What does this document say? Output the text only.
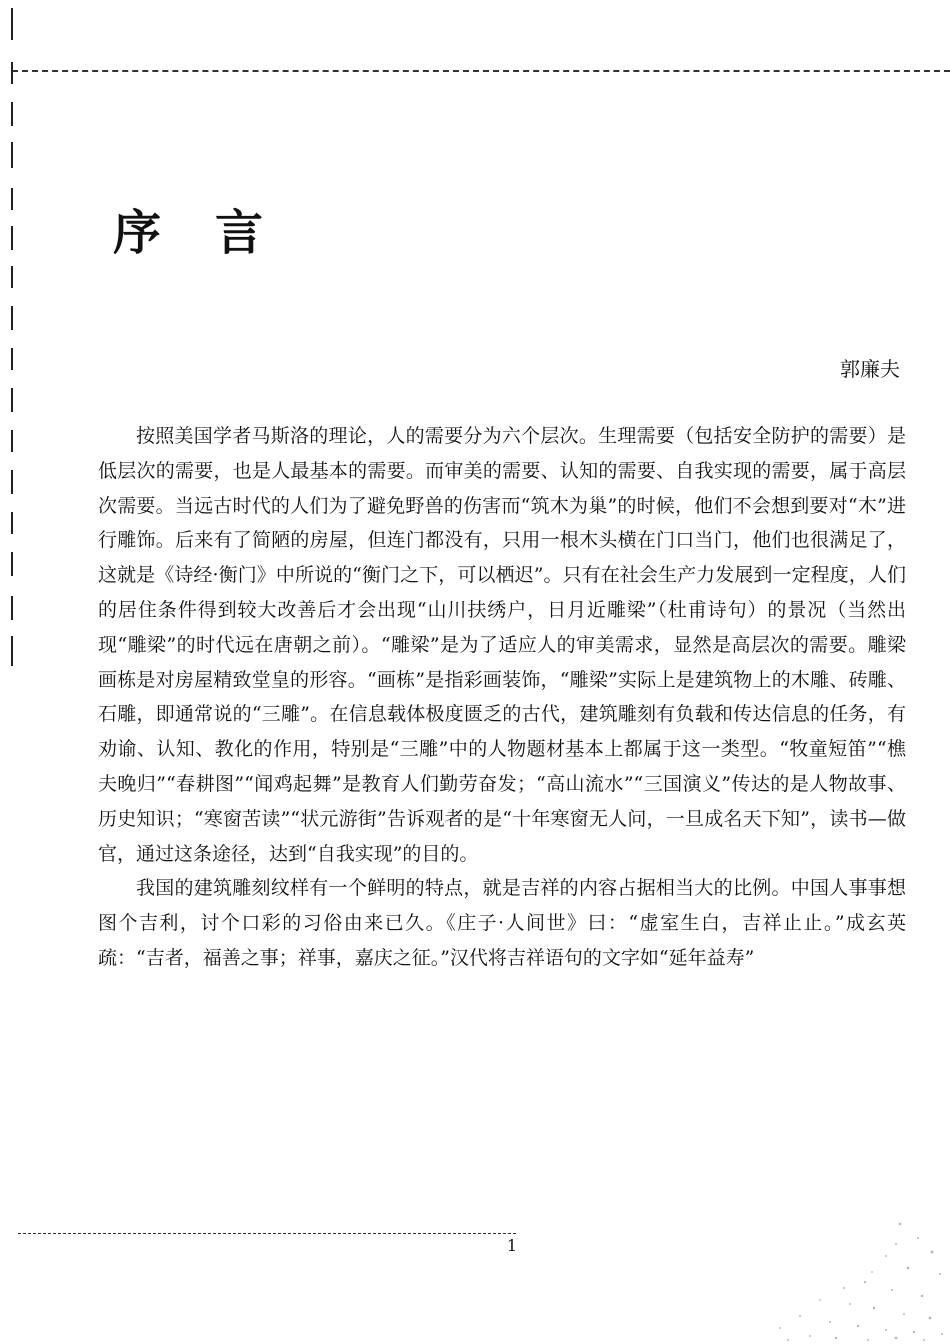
序言
郭廉夫

按照美国学者马斯洛的理论，人的需要分为六个层次。生理需要（包括安全防护的需要）是低层次的需要，也是人最基本的需要。而审美的需要、认知的需要、自我实现的需要，属于高层次需要。当远古时代的人们为了避免野兽的伤害而“筑木为巢”的时候，他们不会想到要对“木”进行雕饰。后来有了简陋的房屋，但连门都没有，只用一根木头横在门口当门，他们也很满足了，这就是《诗经·衡门》中所说的“衡门之下，可以栖迟”。只有在社会生产力发展到一定程度，人们的居住条件得到较大改善后才会出现“山川扶绣户，日月近雕梁”（杜甫诗句）的景况（当然出现“雕梁”的时代远在唐朝之前）。“雕梁”是为了适应人的审美需求，显然是高层次的需要。雕梁画栋是对房屋精致堂皇的形容。“画栋”是指彩画装饰，“雕梁”实际上是建筑物上的木雕、砖雕、石雕，即通常说的“三雕”。在信息载体极度匮乏的古代，建筑雕刻有负载和传达信息的任务，有劝谕、认知、教化的作用，特别是“三雕”中的人物题材基本上都属于这一类型。“牧童短笛”“樵夫晚归”“春耕图”“闻鸡起舞”是教育人们勤劳奋发；“高山流水”“三国演义”传达的是人物故事、历史知识；“寒窗苦读”“状元游街”告诉观者的是“十年寒窗无人问，一旦成名天下知”，读书—做官，通过这条途径，达到“自我实现”的目的。

我国的建筑雕刻纹样有一个鲜明的特点，就是吉祥的内容占据相当大的比例。中国人事事想图个吉利，讨个口彩的习俗由来已久。《庄子·人间世》曰：“虚室生白，吉祥止止。”成玄英疏：“吉者，福善之事；祥事，嘉庆之征。”汉代将吉祥语句的文字如“延年益寿”

1
